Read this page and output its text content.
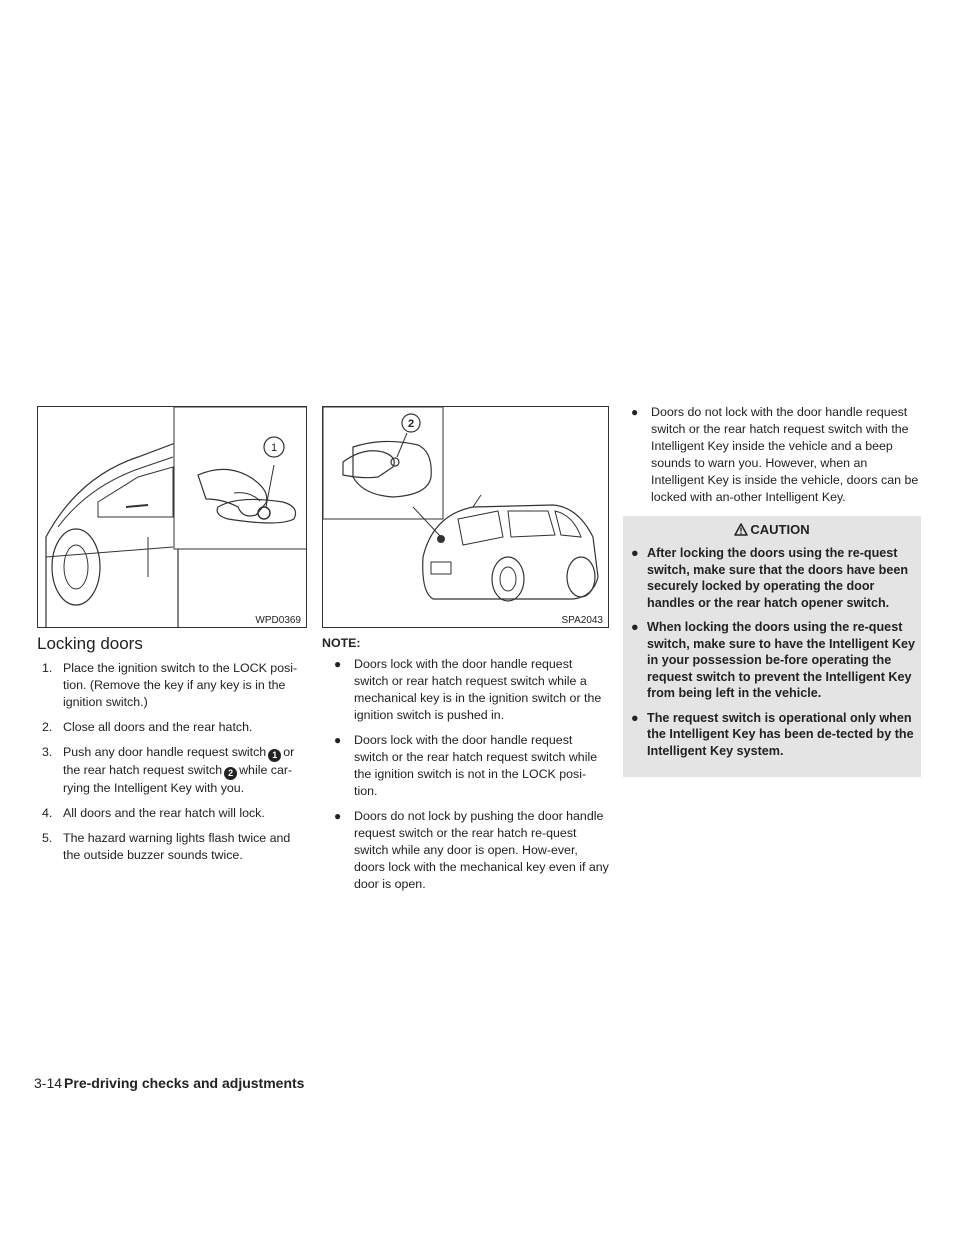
1
WPD0369
Locking doors
1. Place the ignition switch to the LOCK posi-tion. (Remove the key if any key is in the ignition switch.)
2. Close all doors and the rear hatch.
3. Push any door handle request switch 1 or the rear hatch request switch 2 while car-rying the Intelligent Key with you.
4. All doors and the rear hatch will lock.
5. The hazard warning lights flash twice and the outside buzzer sounds twice.
2
SPA2043
NOTE:
● Doors lock with the door handle request switch or rear hatch request switch while a mechanical key is in the ignition switch or the ignition switch is pushed in.
● Doors lock with the door handle request switch or the rear hatch request switch while the ignition switch is not in the LOCK posi-tion.
● Doors do not lock by pushing the door handle request switch or the rear hatch re-quest switch while any door is open. How-ever, doors lock with the mechanical key even if any door is open.
● Doors do not lock with the door handle request switch or the rear hatch request switch with the Intelligent Key inside the vehicle and a beep sounds to warn you. However, when an Intelligent Key is inside the vehicle, doors can be locked with an-other Intelligent Key.
CAUTION
● After locking the doors using the re-quest switch, make sure that the doors have been securely locked by operating the door handles or the rear hatch opener switch.
● When locking the doors using the re-quest switch, make sure to have the Intelligent Key in your possession be-fore operating the request switch to prevent the Intelligent Key from being left in the vehicle.
● The request switch is operational only when the Intelligent Key has been de-tected by the Intelligent Key system.
3-14 Pre-driving checks and adjustments
